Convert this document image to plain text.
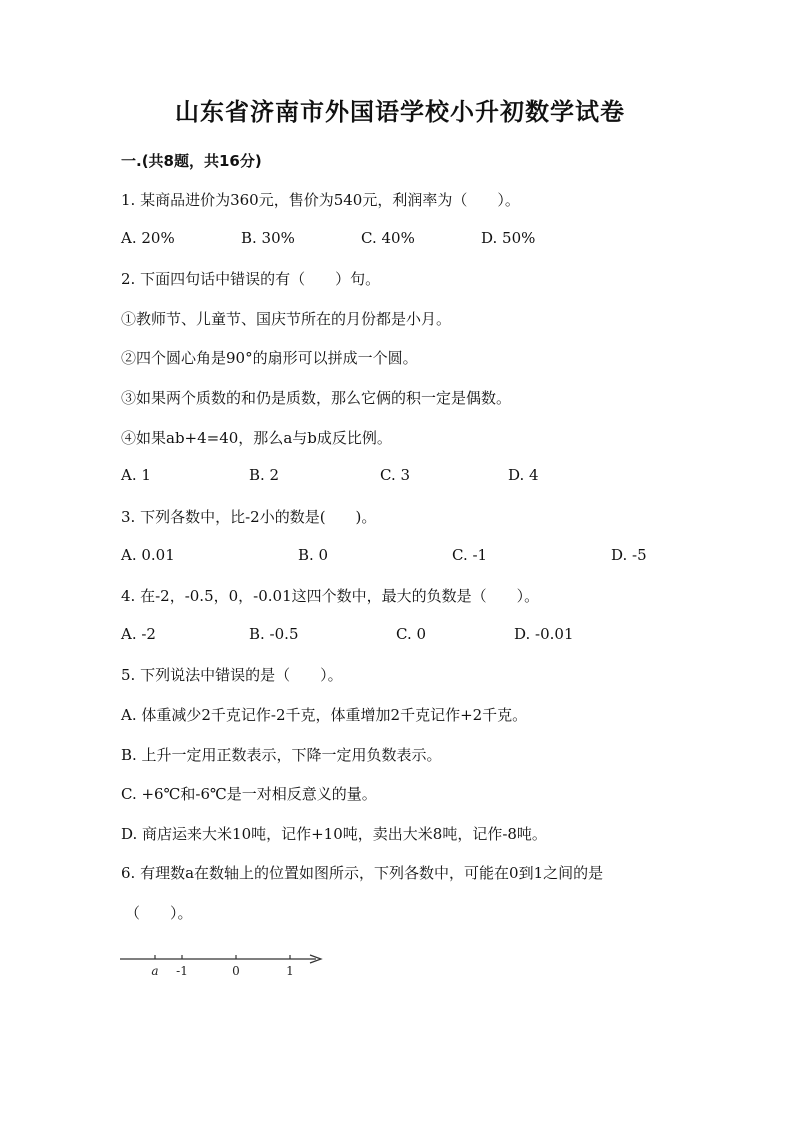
山东省济南市外国语学校小升初数学试卷
一.(共8题，共16分)
1. 某商品进价为360元，售价为540元，利润率为（　　）。
A. 20%	B. 30%	C. 40%	D. 50%
2. 下面四句话中错误的有（　　）句。
①教师节、儿童节、国庆节所在的月份都是小月。
②四个圆心角是90°的扇形可以拼成一个圆。
③如果两个质数的和仍是质数，那么它俩的积一定是偶数。
④如果ab+4=40，那么a与b成反比例。
A. 1	B. 2	C. 3	D. 4
3. 下列各数中，比-2小的数是(　　)。
A. 0.01	B. 0	C. -1	D. -5
4. 在-2，-0.5，0，-0.01这四个数中，最大的负数是（　　）。
A. -2	B. -0.5	C. 0	D. -0.01
5. 下列说法中错误的是（　　）。
A. 体重减少2千克记作-2千克，体重增加2千克记作+2千克。
B. 上升一定用正数表示，下降一定用负数表示。
C. +6℃和-6℃是一对相反意义的量。
D. 商店运来大米10吨，记作+10吨，卖出大米8吨，记作-8吨。
6. 有理数a在数轴上的位置如图所示，下列各数中，可能在0到1之间的是
（　　）。
a -1	0	1
